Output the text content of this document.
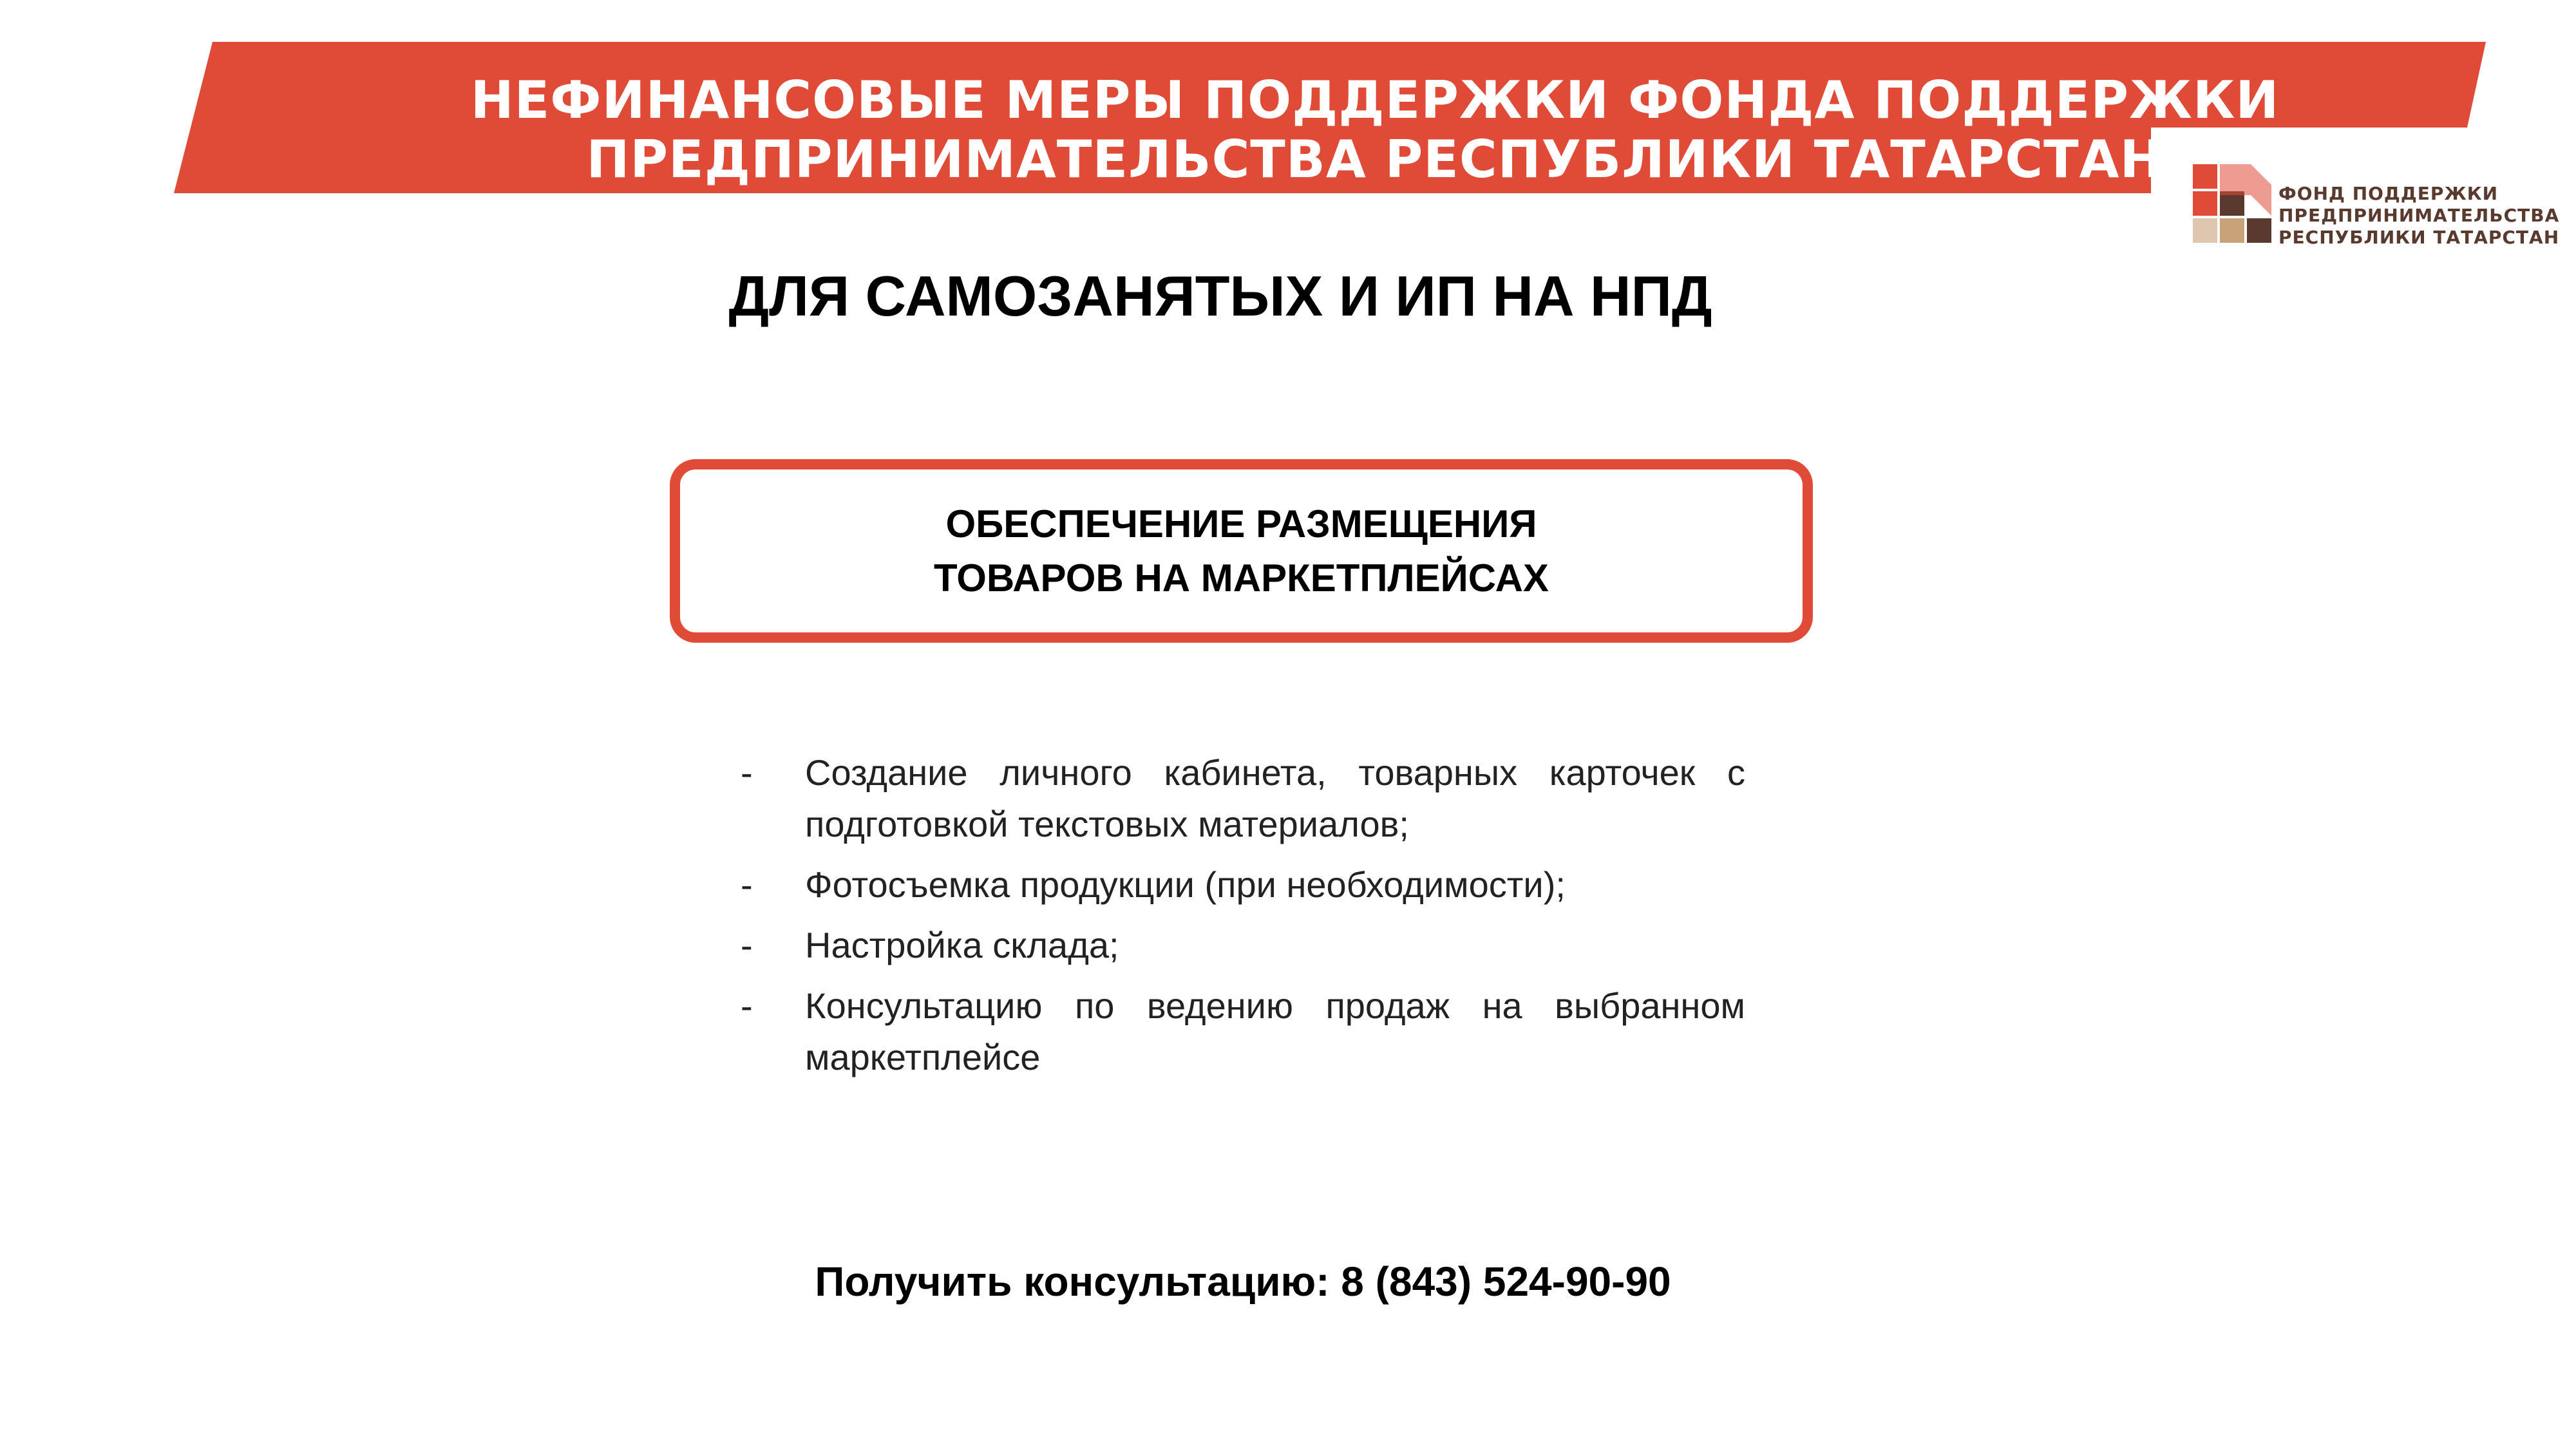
НЕФИНАНСОВЫЕ МЕРЫ ПОДДЕРЖКИ ФОНДА ПОДДЕРЖКИ
ПРЕДПРИНИМАТЕЛЬСТВА РЕСПУБЛИКИ ТАТАРСТАН
ФОНД ПОДДЕРЖКИ
ПРЕДПРИНИМАТЕЛЬСТВА
РЕСПУБЛИКИ ТАТАРСТАН
ДЛЯ САМОЗАНЯТЫХ И ИП НА НПД
ОБЕСПЕЧЕНИЕ РАЗМЕЩЕНИЯ
ТОВАРОВ НА МАРКЕТПЛЕЙСАХ
- Создание личного кабинета, товарных карточек с подготовкой текстовых материалов;
- Фотосъемка продукции (при необходимости);
- Настройка склада;
- Консультацию по ведению продаж на выбранном маркетплейсе
Получить консультацию: 8 (843) 524-90-90
